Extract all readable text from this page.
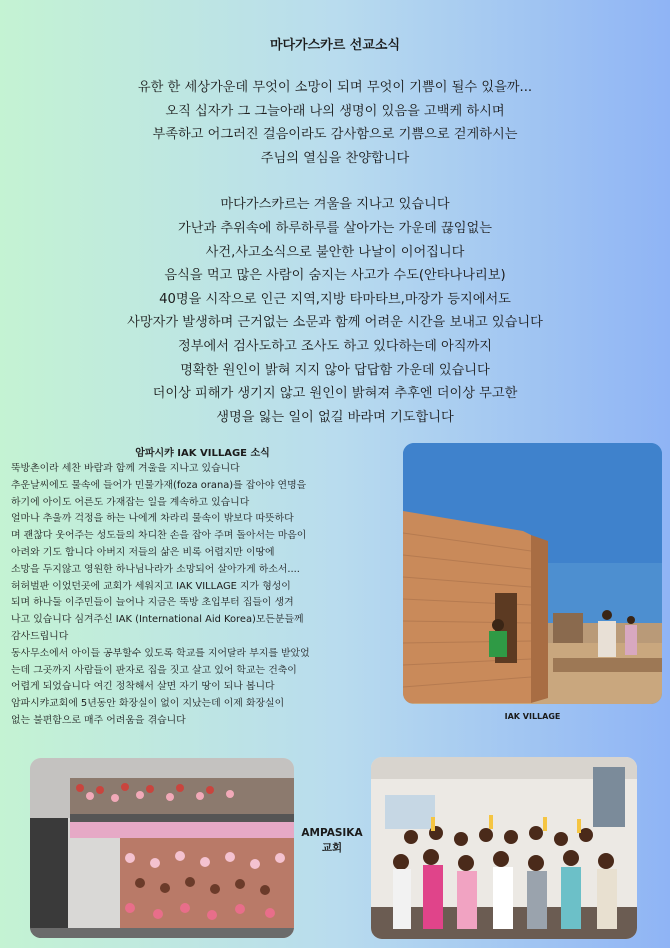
마다가스카르 선교소식
유한 한 세상가운데 무엇이 소망이 되며 무엇이 기쁨이 될수 있을까...
오직 십자가 그 그늘아래 나의 생명이 있음을 고백케 하시며
부족하고 어그러진 걸음이라도 감사함으로 기쁨으로 걷게하시는
주님의 열심을 찬양합니다
마다가스카르는 겨울을 지나고 있습니다
가난과 추위속에 하루하루를 살아가는 가운데 끊임없는
사건,사고소식으로 불안한 나날이 이어집니다
음식을 먹고 많은 사람이 숨지는 사고가 수도(안타나나리보)
40명을 시작으로 인근 지역,지방 타마타브,마장가 등지에서도
사망자가 발생하며 근거없는 소문과 함께 어려운 시간을 보내고 있습니다
정부에서 검사도하고 조사도 하고 있다하는데 아직까지
명확한 원인이 밝혀 지지 않아 답답함 가운데 있습니다
더이상 피해가 생기지 않고 원인이 밝혀져 추후엔 더이상 무고한
생명을 잃는 일이 없길 바라며 기도합니다
암파시캬 IAK VILLAGE 소식
뚝방촌이라 세찬 바람과 함께 겨울을 지나고 있습니다
추운날씨에도 물속에 들어가 민물가재(foza orana)를 잡아야 연명을
하기에 아이도 어른도 가재잡는 일을 계속하고 있습니다
얼마나 추울까 걱정을 하는 나에게 차라리 물속이 밖보다 따뜻하다
며 괜찮다 웃어주는 성도들의 차디찬 손을 잡아 주며 돌아서는 마음이
아려와 기도 합니다 아버지 저들의 삶은 비록 어렵지만 이땅에
소망을 두지않고 영원한 하나님나라가 소망되어 살아가게 하소서....
허허벌판 이었던곳에 교회가 세워지고 IAK VILLAGE 지가 형성이
되며 하나둘 이주민들이 늘어나 지금은 뚝방 초입부터 집들이 생겨
나고 있습니다 심겨주신 IAK (International Aid Korea)모든분들께
감사드립니다
동사무소에서 아이들 공부할수 있도록 학교를 지어달라 부지를 받았었
는데 그곳까지 사람들이 판자로 집을 짓고 살고 있어 학교는 건축이
어렵게 되었습니다 여긴 정착해서 살면 자기 땅이 되나 봅니다
암파시캬교회에 5년동안 화장실이 없이 지났는데 이제 화장실이
없는 불편함으로 매주 어려움을 겪습니다	IAK VILLAGE
AMPASIKA
교회
